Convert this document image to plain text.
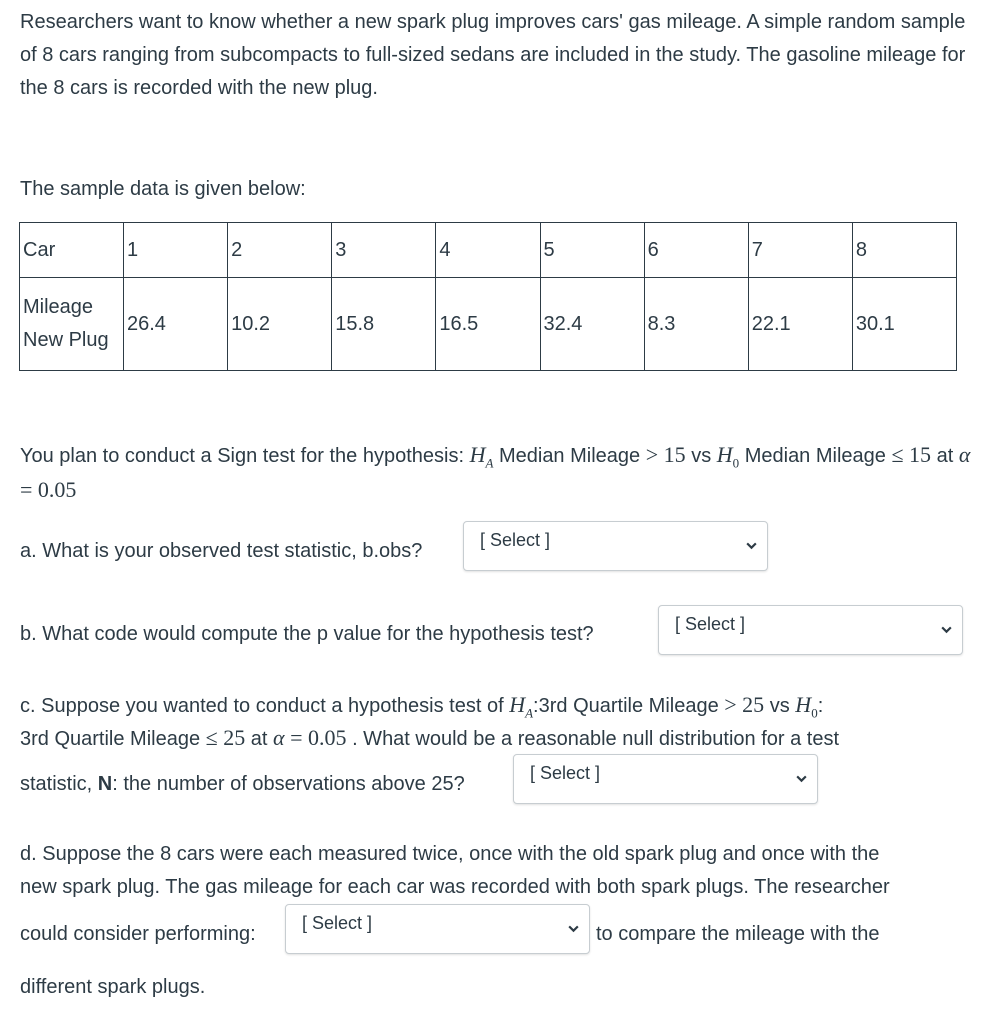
Researchers want to know whether a new spark plug improves cars' gas mileage. A simple random sample of 8 cars ranging from subcompacts to full-sized sedans are included in the study. The gasoline mileage for the 8 cars is recorded with the new plug.

The sample data is given below:

Car	1	2	3	4	5	6	7	8

Mileage
New Plug	26.4	10.2	15.8	16.5	32.4	8.3	22.1	30.1

You plan to conduct a Sign test for the hypothesis: $H_A$ Median Mileage > 15 vs $H_0$ Median Mileage ≤ 15 at α = 0.05

a. What is your observed test statistic, b.obs?	[ Select ]

b. What code would compute the p value for the hypothesis test?	[ Select ]

c. Suppose you wanted to conduct a hypothesis test of $H_A:3rd$ Quartile Mileage > 25 vs $H_0$:

3rd Quartile Mileage ≤ 25 at α = 0.05 . What would be a reasonable null distribution for a test

statistic, N: the number of observations above 25?	[ Select ]

d. Suppose the 8 cars were each measured twice, once with the old spark plug and once with the

new spark plug. The gas mileage for each car was recorded with both spark plugs. The researcher

could consider performing:	[ Select ]	to compare the mileage with the

different spark plugs.
